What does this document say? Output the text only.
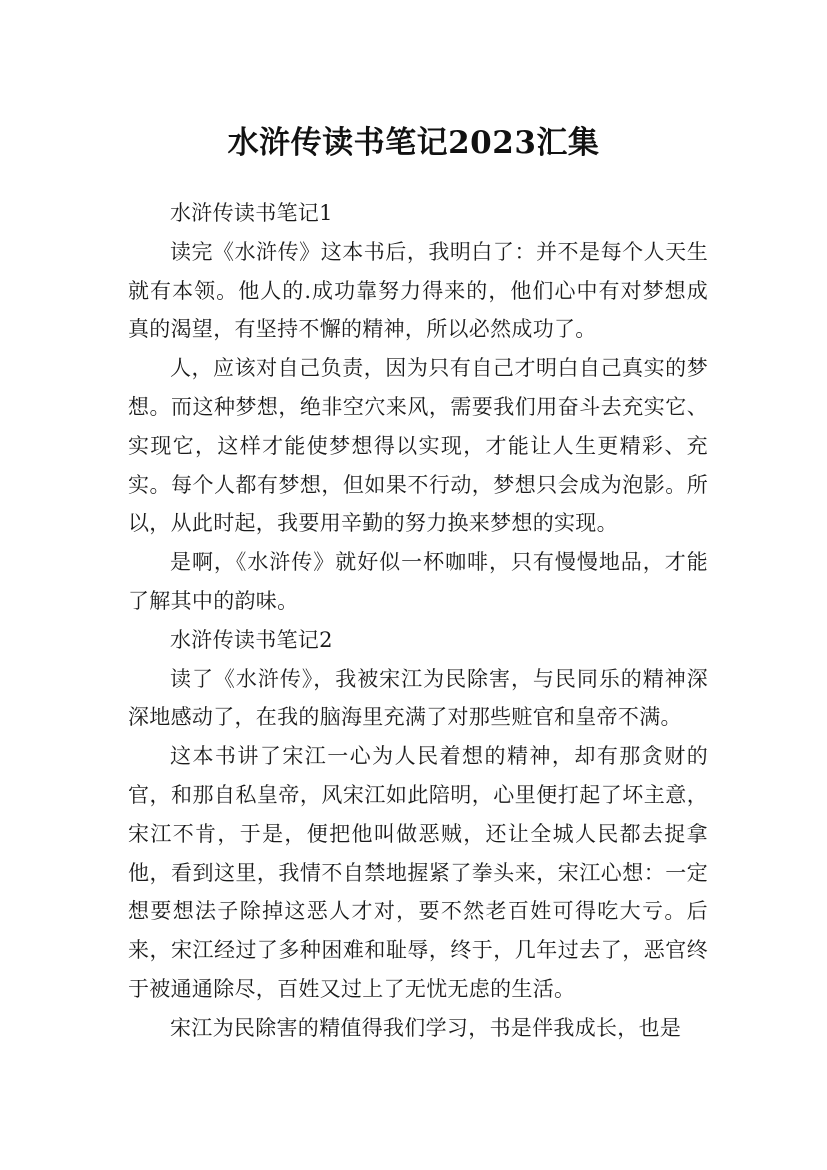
水浒传读书笔记2023汇集

水浒传读书笔记1

读完《水浒传》这本书后，我明白了：并不是每个人天生就有本领。他人的.成功靠努力得来的，他们心中有对梦想成真的渴望，有坚持不懈的精神，所以必然成功了。

人，应该对自己负责，因为只有自己才明白自己真实的梦想。而这种梦想，绝非空穴来风，需要我们用奋斗去充实它、实现它，这样才能使梦想得以实现，才能让人生更精彩、充实。每个人都有梦想，但如果不行动，梦想只会成为泡影。所以，从此时起，我要用辛勤的努力换来梦想的实现。

是啊，《水浒传》就好似一杯咖啡，只有慢慢地品，才能了解其中的韵味。

水浒传读书笔记2

读了《水浒传》，我被宋江为民除害，与民同乐的精神深深地感动了，在我的脑海里充满了对那些赃官和皇帝不满。

这本书讲了宋江一心为人民着想的精神，却有那贪财的官，和那自私皇帝，风宋江如此陪明，心里便打起了坏主意，宋江不肯，于是，便把他叫做恶贼，还让全城人民都去捉拿他，看到这里，我情不自禁地握紧了拳头来，宋江心想：一定想要想法子除掉这恶人才对，要不然老百姓可得吃大亏。后来，宋江经过了多种困难和耻辱，终于，几年过去了，恶官终于被通通除尽，百姓又过上了无忧无虑的生活。

宋江为民除害的精值得我们学习，书是伴我成长，也是
